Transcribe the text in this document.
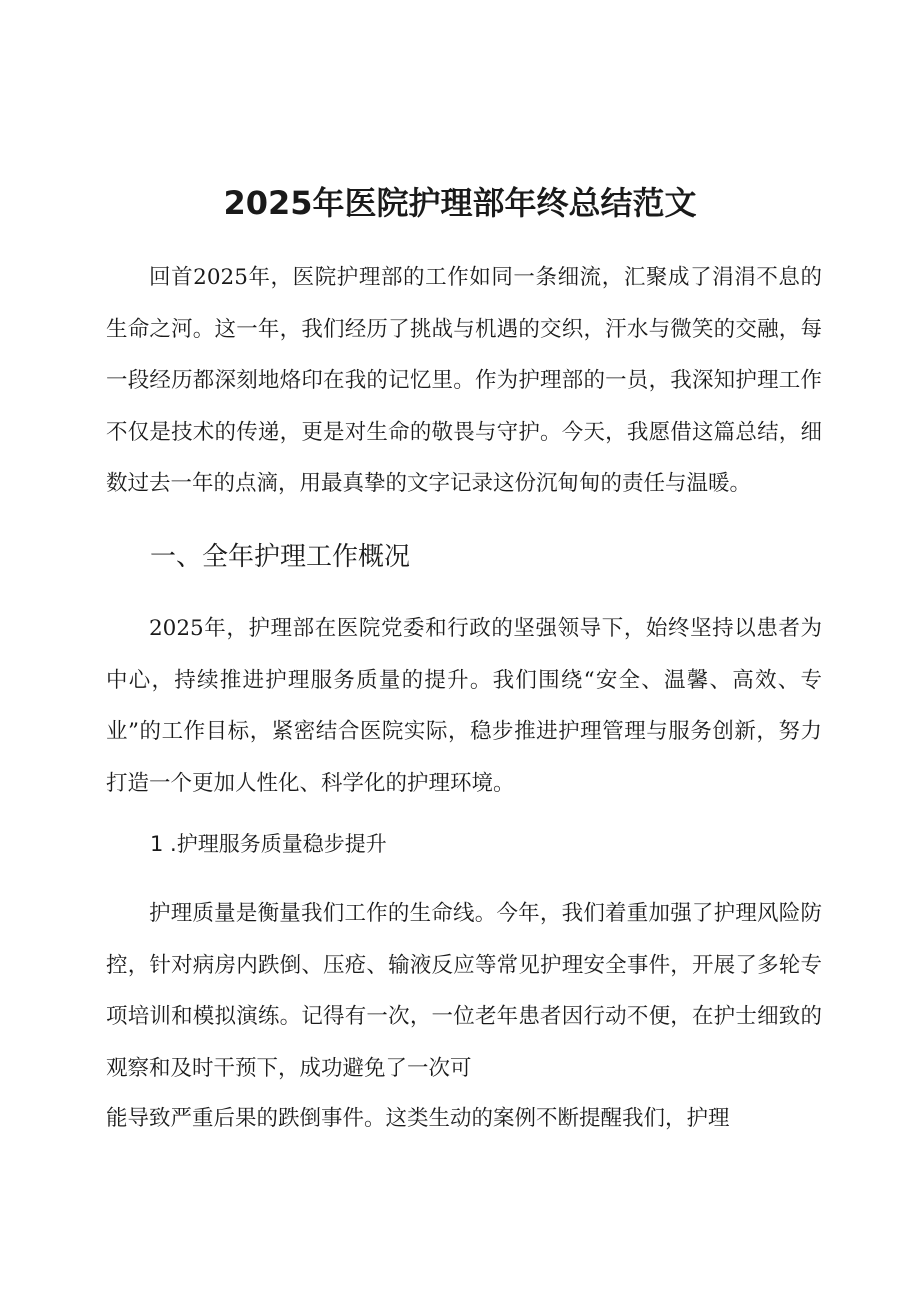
2025年医院护理部年终总结范文

回首2025年，医院护理部的工作如同一条细流，汇聚成了涓涓不息的生命之河。这一年，我们经历了挑战与机遇的交织，汗水与微笑的交融，每一段经历都深刻地烙印在我的记忆里。作为护理部的一员，我深知护理工作不仅是技术的传递，更是对生命的敬畏与守护。今天，我愿借这篇总结，细数过去一年的点滴，用最真挚的文字记录这份沉甸甸的责任与温暖。

一、全年护理工作概况

2025年，护理部在医院党委和行政的坚强领导下，始终坚持以患者为中心，持续推进护理服务质量的提升。我们围绕“安全、温馨、高效、专业”的工作目标，紧密结合医院实际，稳步推进护理管理与服务创新，努力打造一个更加人性化、科学化的护理环境。

1 .护理服务质量稳步提升

护理质量是衡量我们工作的生命线。今年，我们着重加强了护理风险防控，针对病房内跌倒、压疮、输液反应等常见护理安全事件，开展了多轮专项培训和模拟演练。记得有一次，一位老年患者因行动不便，在护士细致的观察和及时干预下，成功避免了一次可

能导致严重后果的跌倒事件。这类生动的案例不断提醒我们，护理
